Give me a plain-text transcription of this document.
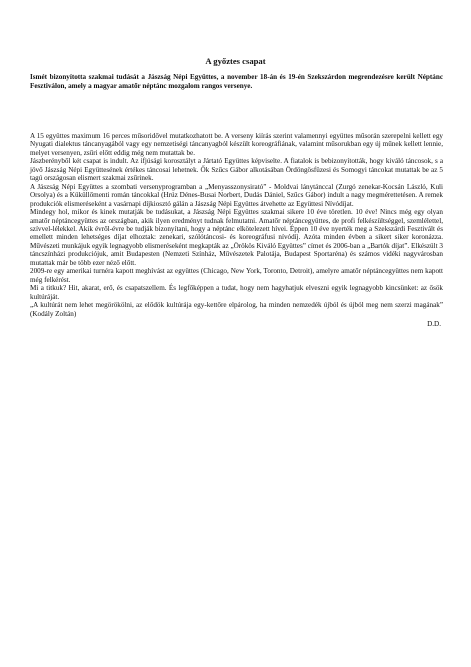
A győztes csapat
Ismét bizonyította szakmai tudását a Jászság Népi Együttes, a november 18-án és 19-én Szekszárdon megrendezésre került Néptánc Fesztiválon, amely a magyar amatőr néptánc mozgalom rangos versenye.

A 15 együttes maximum 16 perces műsoridővel mutatkozhatott be. A verseny kiírás szerint valamennyi együttes műsorán szerepelni kellett egy Nyugati dialektus táncanyagából vagy egy nemzetiségi táncanyagból készült koreográfiának, valamint műsorukban egy új műnek kellett lennie, melyet versenyen, zsűri előtt eddig még nem mutattak be.

Jászberényből két csapat is indult. Az ifjúsági korosztályt a Jártató Együttes képviselte. A fiatalok is bebizonyították, hogy kiváló táncosok, s a jövő Jászság Népi Együttesének értékes táncosai lehetnek. Ők Szűcs Gábor alkotásában Ördöngösfüzesi és Somogyi táncokat mutattak be az 5 tagú országosan elismert szakmai zsűrinek.

A Jászság Népi Együttes a szombati versenyprogramban a „Menyasszonysirató” - Moldvai lánytánccal (Zurgó zenekar-Kocsán László, Kuli Orsolya) és a Küküllőmenti román táncokkal (Hrúz Dénes-Busai Norbert, Dudás Dániel, Szűcs Gábor) indult a nagy megmérettetésen. A remek produkciók elismeréseként a vasárnapi díjkiosztó gálán a Jászság Népi Együttes átvehette az Együttesi Nívódíjat.

Mindegy hol, mikor és kinek mutatják be tudásukat, a Jászság Népi Együttes szakmai sikere 10 éve töretlen. 10 éve! Nincs még egy olyan amatőr néptáncegyüttes az országban, akik ilyen eredményt tudnak felmutatni. Amatőr néptáncegyüttes, de profi felkészültséggel, szemlélettel, szívvel-lélekkel. Akik évről-évre be tudják bizonyítani, hogy a néptánc elkötelezett hívei. Éppen 10 éve nyerték meg a Szekszárdi Fesztivált és emellett minden lehetséges díjat elhoztak: zenekari, szólótáncosi- és koreográfusi nívódíj. Azóta minden évben a sikert siker koronázza. Művészeti munkájuk egyik legnagyobb elismeréseként megkapták az „Örökös Kiváló Együttes” címet és 2006-ban a „Bartók díjat”. Elkészült 3 táncszínházi produkciójuk, amit Budapesten (Nemzeti Színház, Művészetek Palotája, Budapest Sportaréna) és számos vidéki nagyvárosban mutattak már be több ezer néző előtt.

2009-re egy amerikai turnéra kapott meghívást az együttes (Chicago, New York, Toronto, Detroit), amelyre amatőr néptáncegyüttes nem kapott még felkérést.

Mi a titkuk? Hit, akarat, erő, és csapatszellem. És legfőképpen a tudat, hogy nem hagyhatjuk elveszni egyik legnagyobb kincsünket: az ősök kultúráját.

„A kultúrát nem lehet megörökölni, az elődök kultúrája egy-kettőre elpárolog, ha minden nemzedék újból és újból meg nem szerzi magának” (Kodály Zoltán)

D.D.
